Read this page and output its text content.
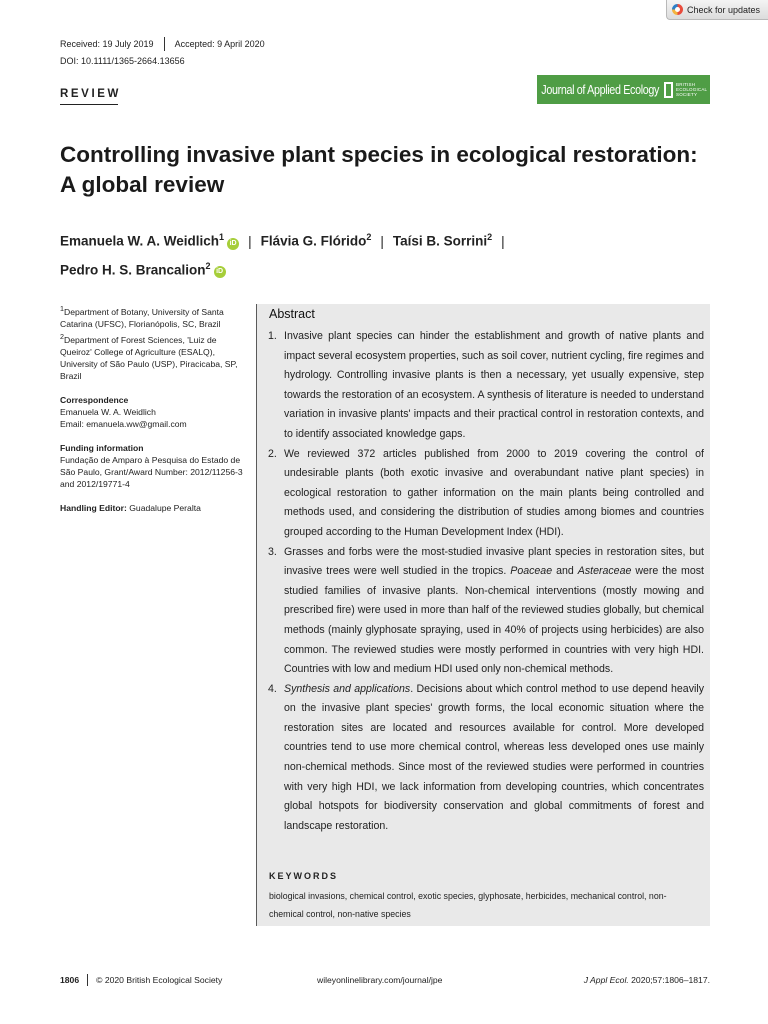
Check for updates
Received: 19 July 2019 Accepted: 9 April 2020
DOI: 10.1111/1365-2664.13656
REVIEW	Journal of Applied Ecology	BRITISH
ECOLOGICAL
SOCIETY
Controlling invasive plant species in ecological restoration:
A global review
Emanuela W. A. Weidlich$^1$iD | Flávia G. Flórido$^2$ | Taísi B. Sorrini$^2$ |
Pedro H. S. Brancalion$^2$iD

$^1$Department of Botany, University of Santa Catarina (UFSC), Florianópolis, SC, Brazil

$^2$Department of Forest Sciences, 'Luiz de Queiroz' College of Agriculture (ESALQ), University of São Paulo (USP), Piracicaba, SP, Brazil

Correspondence

Emanuela W. A. Weidlich

Email: emanuela.ww@gmail.com

Funding information

Fundação de Amparo à Pesquisa do Estado de São Paulo, Grant/Award Number: 2012/11256-3 and 2012/19771-4

Handling Editor: Guadalupe Peralta

Abstract
1. Invasive plant species can hinder the establishment and growth of native plants and impact several ecosystem properties, such as soil cover, nutrient cycling, fire regimes and hydrology. Controlling invasive plants is then a necessary, yet usually expensive, step towards the restoration of an ecosystem. A synthesis of literature is needed to understand variation in invasive plants' impacts and their practical control in restoration contexts, and to identify associated knowledge gaps.
2. We reviewed 372 articles published from 2000 to 2019 covering the control of undesirable plants (both exotic invasive and overabundant native plant species) in ecological restoration to gather information on the main plants being controlled and methods used, and considering the distribution of studies among biomes and countries grouped according to the Human Development Index (HDI).
3. Grasses and forbs were the most-studied invasive plant species in restoration sites, but invasive trees were well studied in the tropics. Poaceae and Asteraceae were the most studied families of invasive plants. Non-chemical interventions (mostly mowing and prescribed fire) were used in more than half of the reviewed studies globally, but chemical methods (mainly glyphosate spraying, used in 40% of projects using herbicides) are also common. The reviewed studies were mostly performed in countries with very high HDI. Countries with low and medium HDI used only non-chemical methods.
4. Synthesis and applications. Decisions about which control method to use depend heavily on the invasive plant species' growth forms, the local economic situation where the restoration sites are located and resources available for control. More developed countries tend to use more chemical control, whereas less developed ones use mainly non-chemical methods. Since most of the reviewed studies were performed in countries with very high HDI, we lack information from developing countries, which concentrates global hotspots for biodiversity conservation and global commitments of forest and landscape restoration.
KEYWORDS
biological invasions, chemical control, exotic species, glyphosate, herbicides, mechanical control, non-chemical control, non-native species
1806 © 2020 British Ecological Society	wileyonlinelibrary.com/journal/jpe	J Appl Ecol. 2020;57:1806–1817.
